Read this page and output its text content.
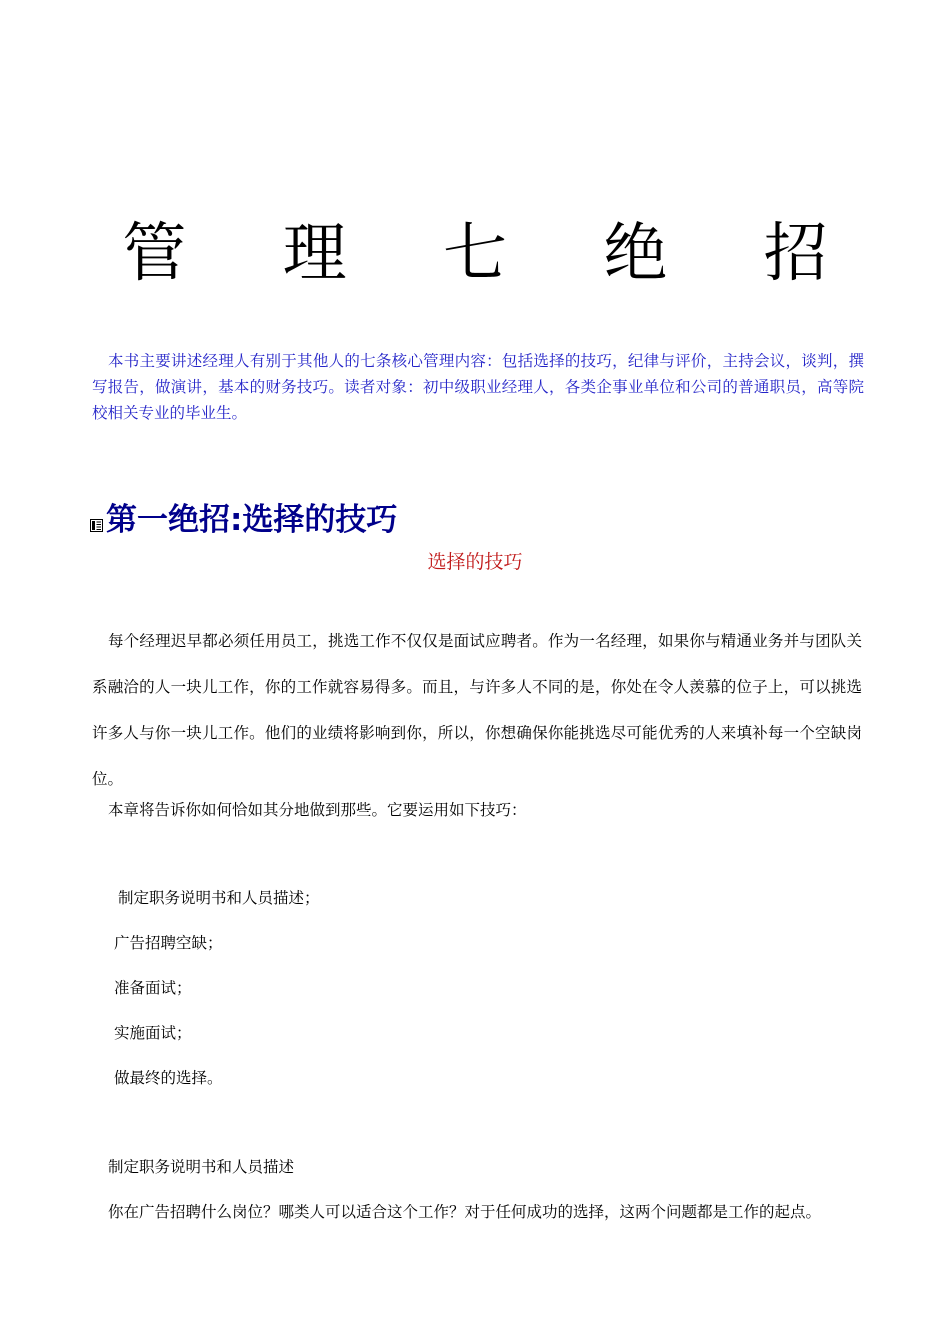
管 理 七 绝 招

本书主要讲述经理人有别于其他人的七条核心管理内容：包括选择的技巧，纪律与评价，主持会议，谈判，撰写报告，做演讲，基本的财务技巧。读者对象：初中级职业经理人，各类企事业单位和公司的普通职员，高等院校相关专业的毕业生。

第一绝招:选择的技巧

选择的技巧

每个经理迟早都必须任用员工，挑选工作不仅仅是面试应聘者。作为一名经理，如果你与精通业务并与团队关系融洽的人一块儿工作，你的工作就容易得多。而且，与许多人不同的是，你处在令人羡慕的位子上，可以挑选许多人与你一块儿工作。他们的业绩将影响到你，所以，你想确保你能挑选尽可能优秀的人来填补每一个空缺岗位。

本章将告诉你如何恰如其分地做到那些。它要运用如下技巧：

制定职务说明书和人员描述；
广告招聘空缺；
准备面试；
实施面试；
做最终的选择。

制定职务说明书和人员描述

你在广告招聘什么岗位？哪类人可以适合这个工作？对于任何成功的选择，这两个问题都是工作的起点。
